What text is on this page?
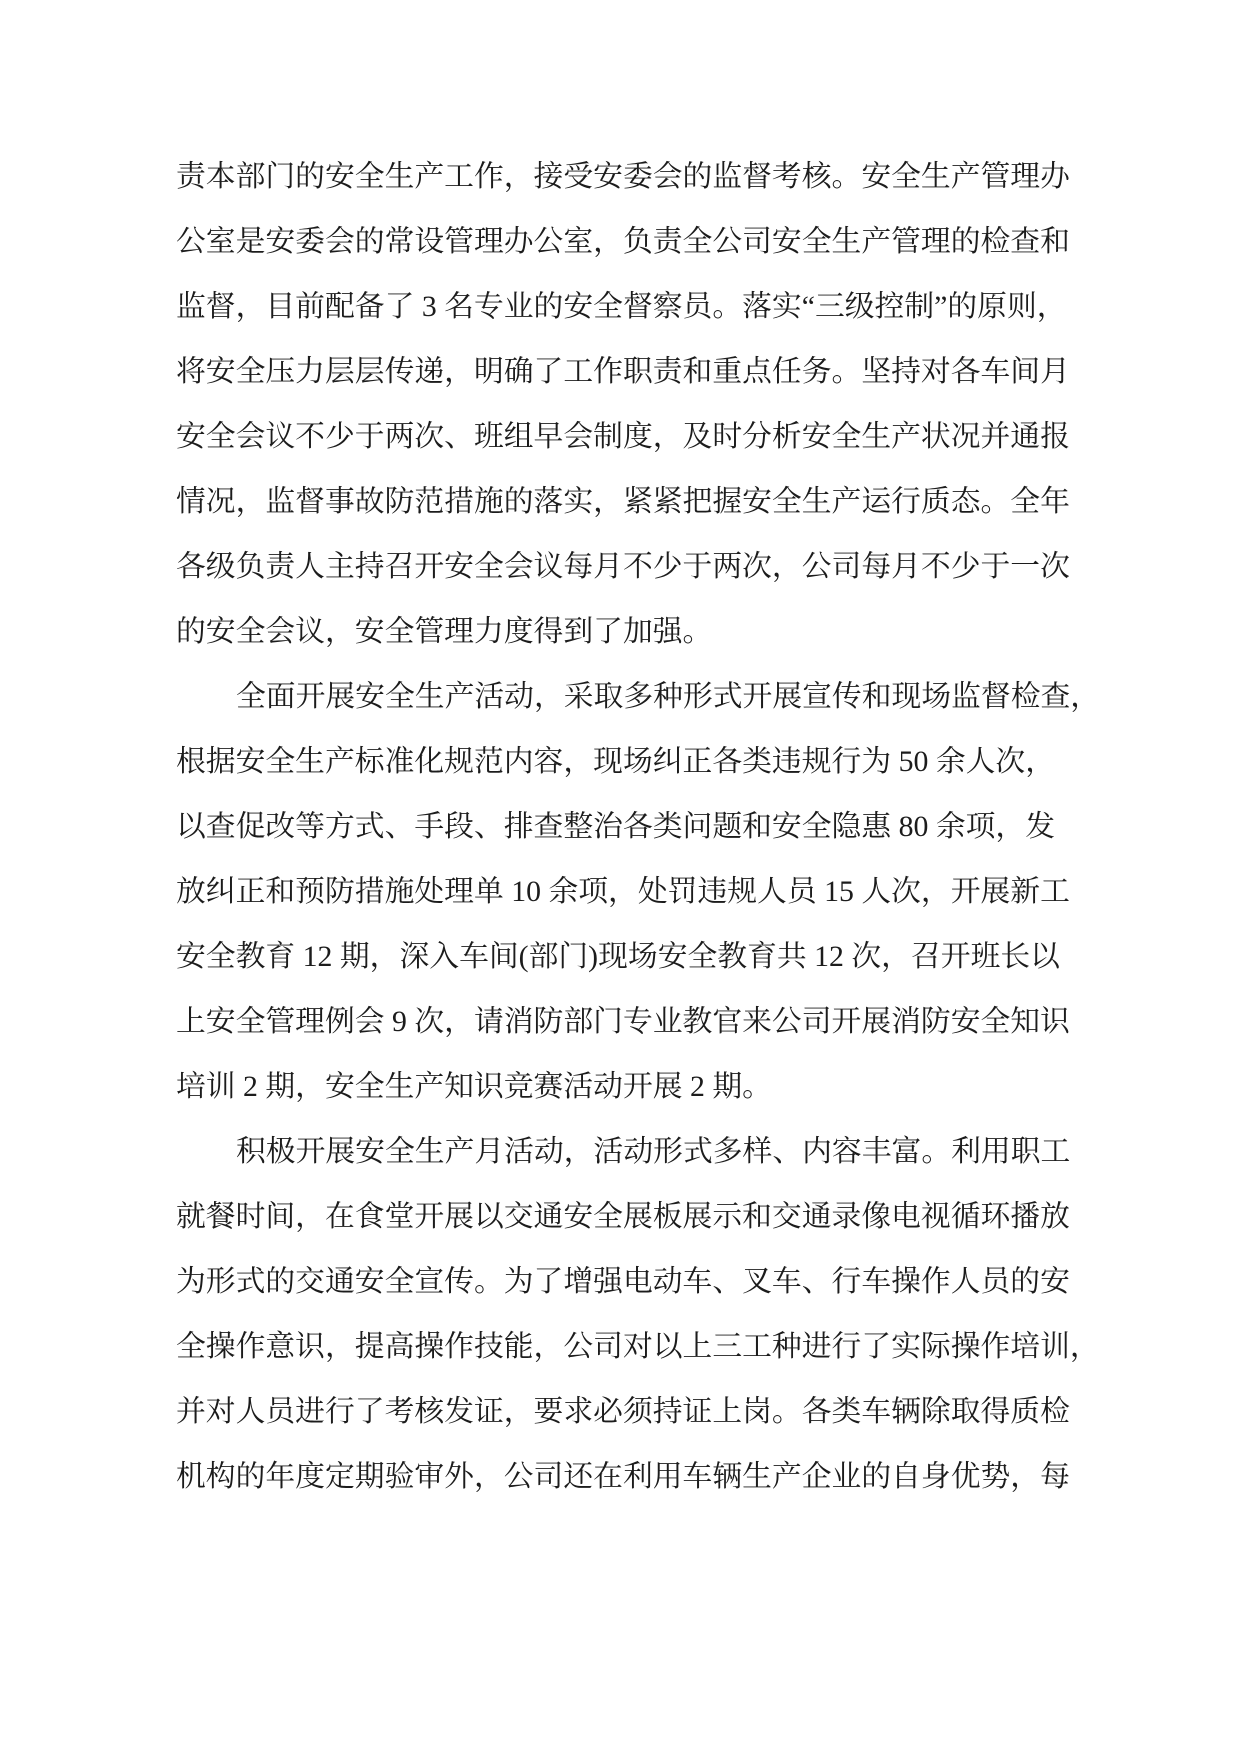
责本部门的安全生产工作，接受安委会的监督考核。安全生产管理办
公室是安委会的常设管理办公室，负责全公司安全生产管理的检查和
监督，目前配备了 3 名专业的安全督察员。落实“三级控制”的原则，
将安全压力层层传递，明确了工作职责和重点任务。坚持对各车间月
安全会议不少于两次、班组早会制度，及时分析安全生产状况并通报
情况，监督事故防范措施的落实，紧紧把握安全生产运行质态。全年
各级负责人主持召开安全会议每月不少于两次，公司每月不少于一次
的安全会议，安全管理力度得到了加强。
全面开展安全生产活动，采取多种形式开展宣传和现场监督检查，
根据安全生产标准化规范内容，现场纠正各类违规行为 50 余人次，
以查促改等方式、手段、排查整治各类问题和安全隐惠 80 余项，发
放纠正和预防措施处理单 10 余项，处罚违规人员 15 人次，开展新工
安全教育 12 期，深入车间(部门)现场安全教育共 12 次，召开班长以
上安全管理例会 9 次，请消防部门专业教官来公司开展消防安全知识
培训 2 期，安全生产知识竞赛活动开展 2 期。
积极开展安全生产月活动，活动形式多样、内容丰富。利用职工
就餐时间，在食堂开展以交通安全展板展示和交通录像电视循环播放
为形式的交通安全宣传。为了增强电动车、叉车、行车操作人员的安
全操作意识，提高操作技能，公司对以上三工种进行了实际操作培训，
并对人员进行了考核发证，要求必须持证上岗。各类车辆除取得质检
机构的年度定期验审外，公司还在利用车辆生产企业的自身优势，每
